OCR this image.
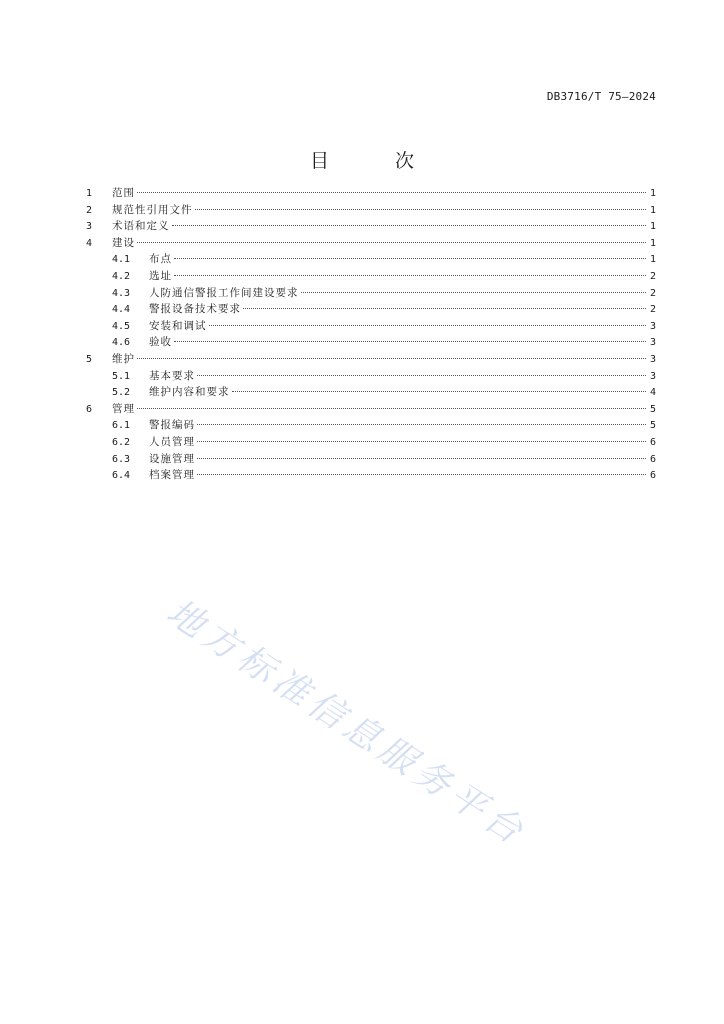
DB3716/T 75—2024
目 次
1	范围	1
2	规范性引用文件	1
3	术语和定义	1
4	建设	1
4.1	布点	1
4.2	选址	2
4.3	人防通信警报工作间建设要求	2
4.4	警报设备技术要求	2
4.5	安装和调试	3
4.6	验收	3
5	维护	3
5.1	基本要求	3
5.2	维护内容和要求	4
6	管理	5
6.1	警报编码	5
6.2	人员管理	6
6.3	设施管理	6
6.4	档案管理	6
地方标准信息服务平台
